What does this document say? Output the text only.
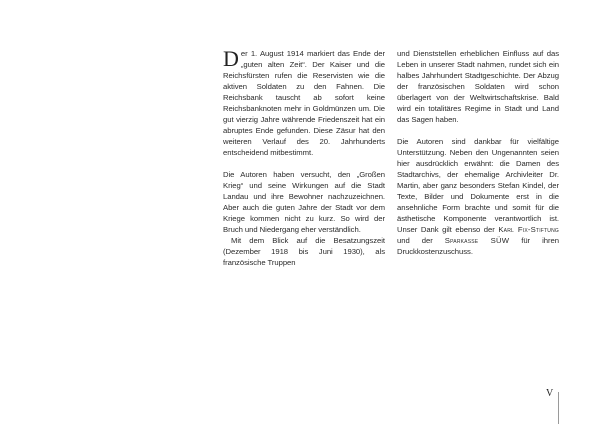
Der 1. August 1914 markiert das Ende der „guten alten Zeit“. Der Kaiser und die Reichsfürsten rufen die Reservisten wie die aktiven Soldaten zu den Fahnen. Die Reichsbank tauscht ab sofort keine Reichsbanknoten mehr in Goldmünzen um. Die gut vierzig Jahre währende Friedenszeit hat ein abruptes Ende gefunden. Diese Zäsur hat den weiteren Verlauf des 20. Jahrhunderts entscheidend mitbestimmt.

Die Autoren haben versucht, den „Großen Krieg“ und seine Wirkungen auf die Stadt Landau und ihre Bewohner nachzuzeichnen. Aber auch die guten Jahre der Stadt vor dem Kriege kommen nicht zu kurz. So wird der Bruch und Niedergang eher verständlich.

Mit dem Blick auf die Besatzungszeit (Dezember 1918 bis Juni 1930), als französische Truppen

und Dienststellen erheblichen Einfluss auf das Leben in unserer Stadt nahmen, rundet sich ein halbes Jahrhundert Stadtgeschichte. Der Abzug der französischen Soldaten wird schon überlagert von der Weltwirtschaftskrise. Bald wird ein totalitäres Regime in Stadt und Land das Sagen haben.

Die Autoren sind dankbar für vielfältige Unterstützung. Neben den Ungenannten seien hier ausdrücklich erwähnt: die Damen des Stadtarchivs, der ehemalige Archivleiter Dr. Martin, aber ganz besonders Stefan Kindel, der Texte, Bilder und Dokumente erst in die ansehnliche Form brachte und somit für die ästhetische Komponente verantwortlich ist. Unser Dank gilt ebenso der Karl Fix-Stiftung und der Sparkasse SÜW für ihren Druckkostenzuschuss.

V
